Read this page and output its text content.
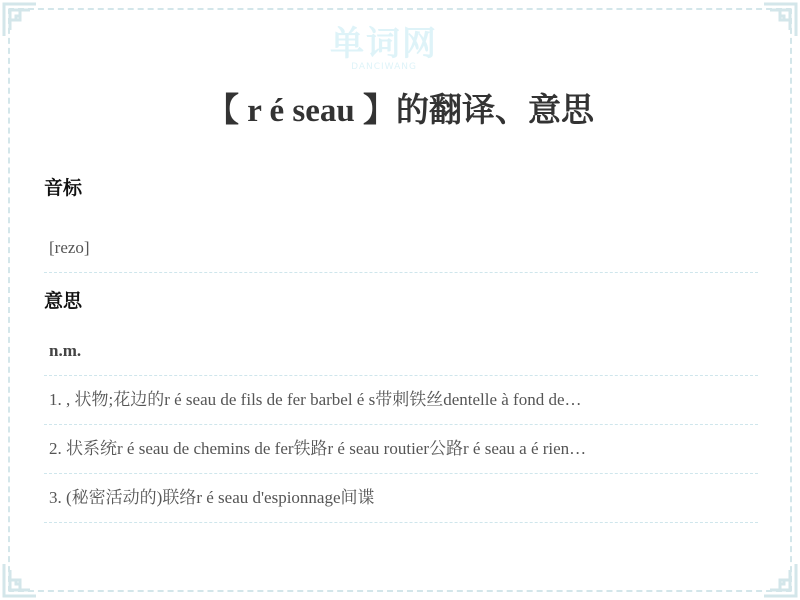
单词网
DANCIWANG
【 r é seau 】的翻译、意思
音标
[rezo]
意思
n.m.
1. , 状物;花边的r é seau de fils de fer barbel é s带刺铁丝dentelle à fond de…
2. 状系统r é seau de chemins de fer铁路r é seau routier公路r é seau a é rien…
3. (秘密活动的)联络r é seau d'espionnage间谍
